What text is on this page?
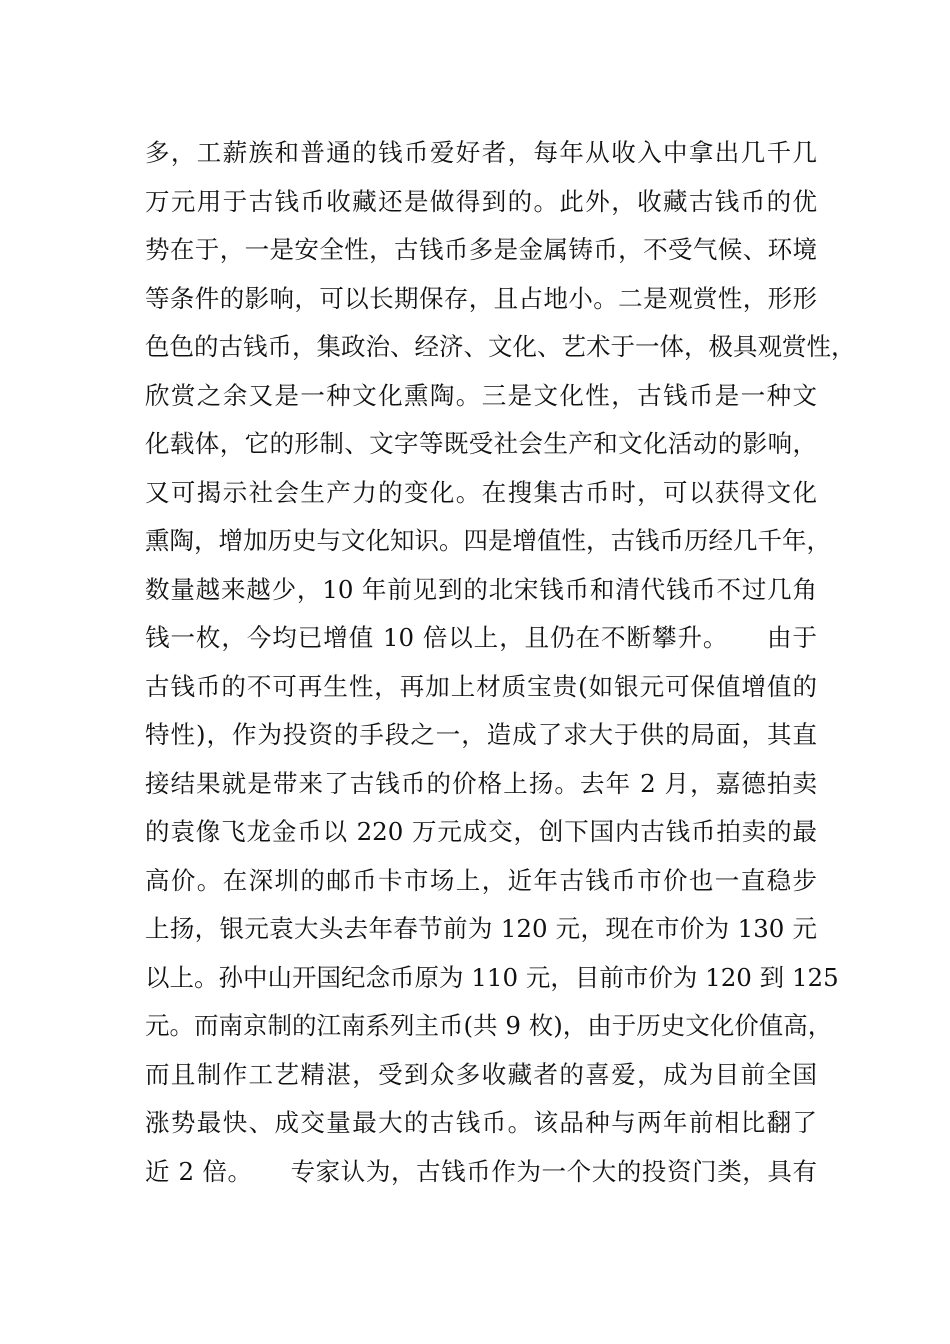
多，工薪族和普通的钱币爱好者，每年从收入中拿出几千几
万元用于古钱币收藏还是做得到的。此外，收藏古钱币的优
势在于，一是安全性，古钱币多是金属铸币，不受气候、环境
等条件的影响，可以长期保存，且占地小。二是观赏性，形形
色色的古钱币，集政治、经济、文化、艺术于一体，极具观赏性，
欣赏之余又是一种文化熏陶。三是文化性，古钱币是一种文
化载体，它的形制、文字等既受社会生产和文化活动的影响，
又可揭示社会生产力的变化。在搜集古币时，可以获得文化
熏陶，增加历史与文化知识。四是增值性，古钱币历经几千年，
数量越来越少，10 年前见到的北宋钱币和清代钱币不过几角
钱一枚，今均已增值 10 倍以上，且仍在不断攀升。　　由于
古钱币的不可再生性，再加上材质宝贵(如银元可保值增值的
特性)，作为投资的手段之一，造成了求大于供的局面，其直
接结果就是带来了古钱币的价格上扬。去年 2 月，嘉德拍卖
的袁像飞龙金币以 220 万元成交，创下国内古钱币拍卖的最
高价。在深圳的邮币卡市场上，近年古钱币市价也一直稳步
上扬，银元袁大头去年春节前为 120 元，现在市价为 130 元
以上。孙中山开国纪念币原为 110 元，目前市价为 120 到 125
元。而南京制的江南系列主币(共 9 枚)，由于历史文化价值高，
而且制作工艺精湛，受到众多收藏者的喜爱，成为目前全国
涨势最快、成交量最大的古钱币。该品种与两年前相比翻了
近 2 倍。　　专家认为，古钱币作为一个大的投资门类，具有
